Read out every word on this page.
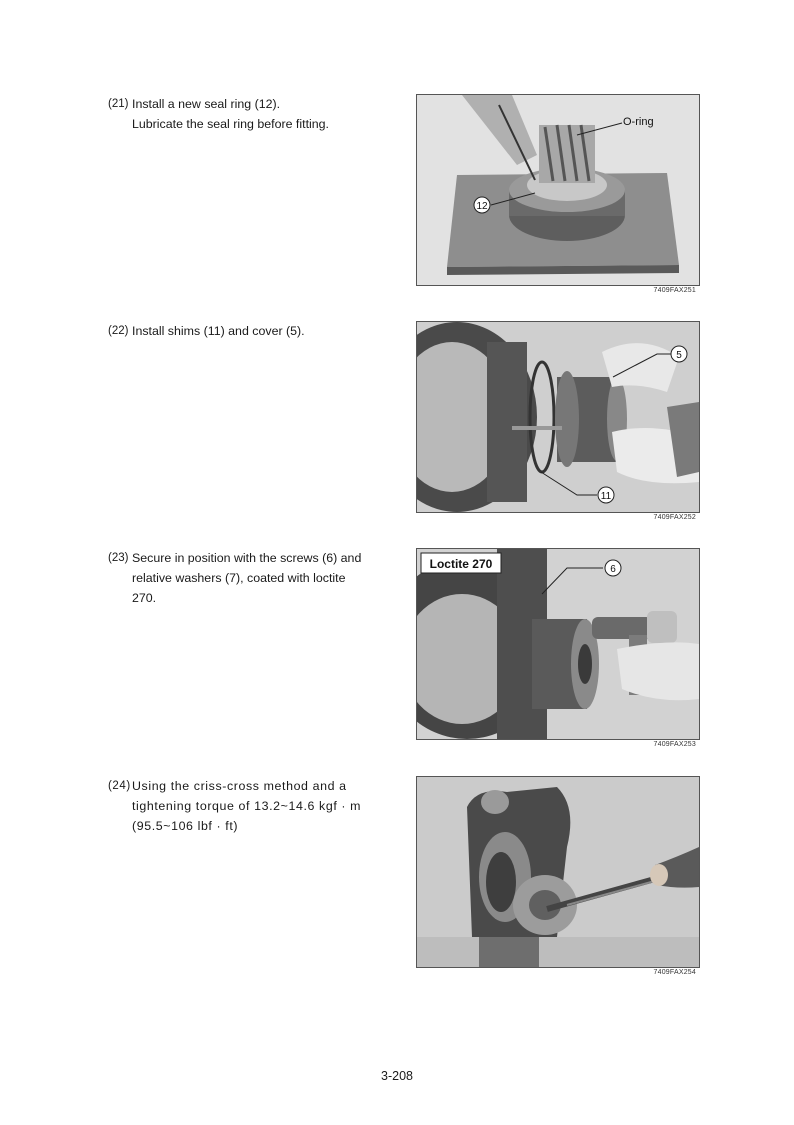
(21) Install a new seal ring (12).
Lubricate the seal ring before fitting.
(22) Install shims (11) and cover (5).
(23) Secure in position with the screws (6) and
relative washers (7), coated with loctite
270.
(24) Using the criss-cross method and a
tightening torque of 13.2~14.6 kgf · m
(95.5~106 lbf · ft)
O-ring
12
7409FAX251
5
11
7409FAX252
Loctite 270	6
7409FAX253
7409FAX254
3-208
